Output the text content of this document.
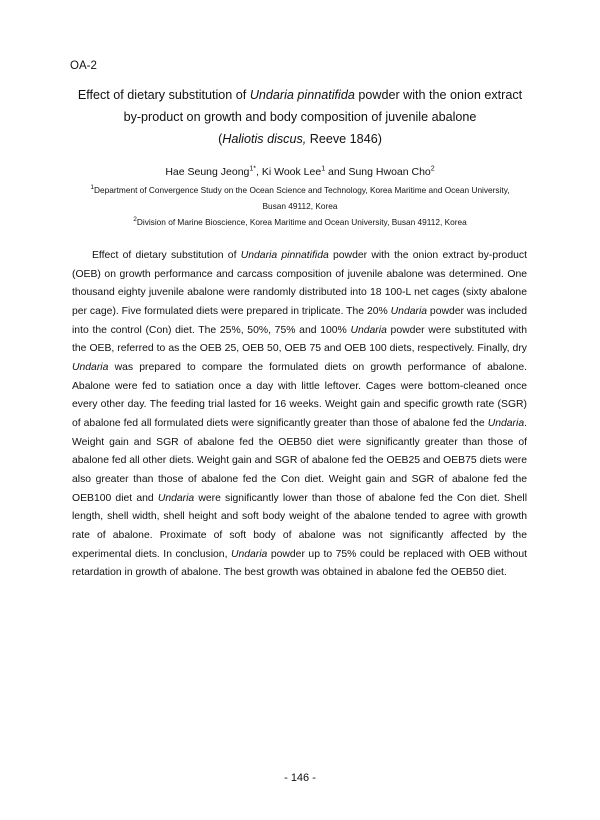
OA-2
Effect of dietary substitution of Undaria pinnatifida powder with the onion extract
by-product on growth and body composition of juvenile abalone
(Haliotis discus, Reeve 1846)
Hae Seung Jeong$^{1*}$, Ki Wook Lee$^1$ and Sung Hwoan Cho$^2$

$^1$Department of Convergence Study on the Ocean Science and Technology, Korea Maritime and Ocean University, Busan 49112, Korea

$^2$Division of Marine Bioscience, Korea Maritime and Ocean University, Busan 49112, Korea

Effect of dietary substitution of Undaria pinnatifida powder with the onion extract by-product (OEB) on growth performance and carcass composition of juvenile abalone was determined. One thousand eighty juvenile abalone were randomly distributed into 18 100-L net cages (sixty abalone per cage). Five formulated diets were prepared in triplicate. The 20% Undaria powder was included into the control (Con) diet. The 25%, 50%, 75% and 100% Undaria powder were substituted with the OEB, referred to as the OEB 25, OEB 50, OEB 75 and OEB 100 diets, respectively. Finally, dry Undaria was prepared to compare the formulated diets on growth performance of abalone. Abalone were fed to satiation once a day with little leftover. Cages were bottom-cleaned once every other day. The feeding trial lasted for 16 weeks. Weight gain and specific growth rate (SGR) of abalone fed all formulated diets were significantly greater than those of abalone fed the Undaria. Weight gain and SGR of abalone fed the OEB50 diet were significantly greater than those of abalone fed all other diets. Weight gain and SGR of abalone fed the OEB25 and OEB75 diets were also greater than those of abalone fed the Con diet. Weight gain and SGR of abalone fed the OEB100 diet and Undaria were significantly lower than those of abalone fed the Con diet. Shell length, shell width, shell height and soft body weight of the abalone tended to agree with growth rate of abalone. Proximate of soft body of abalone was not significantly affected by the experimental diets. In conclusion, Undaria powder up to 75% could be replaced with OEB without retardation in growth of abalone. The best growth was obtained in abalone fed the OEB50 diet.

- 146 -
